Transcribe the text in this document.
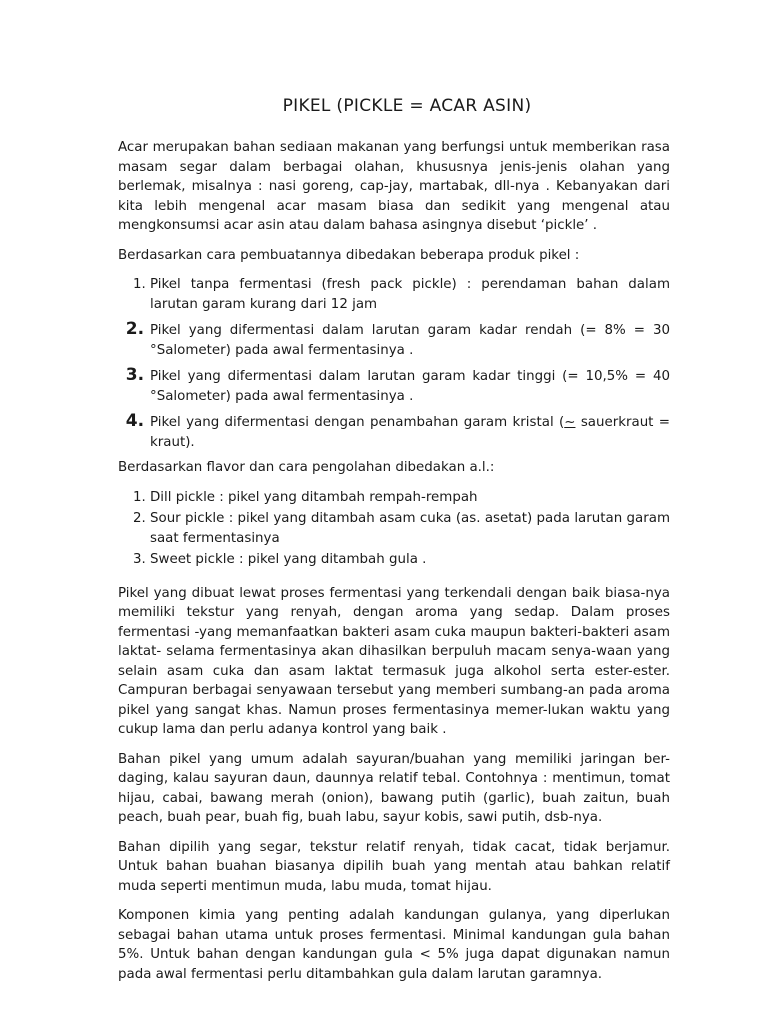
PIKEL (PICKLE = ACAR ASIN)

Acar merupakan bahan sediaan makanan yang berfungsi untuk memberikan rasa masam segar dalam berbagai olahan, khususnya jenis-jenis olahan yang berlemak, misalnya : nasi goreng, cap-jay, martabak, dll-nya . Kebanyakan dari kita lebih mengenal acar masam biasa dan sedikit yang mengenal atau mengkonsumsi acar asin atau dalam bahasa asingnya disebut ‘pickle’ .

Berdasarkan cara pembuatannya dibedakan beberapa produk pikel :

1. Pikel tanpa fermentasi (fresh pack pickle) : perendaman bahan dalam larutan garam kurang dari 12 jam
2. Pikel yang difermentasi dalam larutan garam kadar rendah (= 8% = 30 °Salometer) pada awal fermentasinya .
3. Pikel yang difermentasi dalam larutan garam kadar tinggi (= 10,5% = 40 °Salometer) pada awal fermentasinya .
4. Pikel yang difermentasi dengan penambahan garam kristal (~ sauerkraut = kraut).

Berdasarkan flavor dan cara pengolahan dibedakan a.l.:

1. Dill pickle : pikel yang ditambah rempah-rempah
2. Sour pickle : pikel yang ditambah asam cuka (as. asetat) pada larutan garam saat fermentasinya
3. Sweet pickle : pikel yang ditambah gula .

Pikel yang dibuat lewat proses fermentasi yang terkendali dengan baik biasa-nya memiliki tekstur yang renyah, dengan aroma yang sedap. Dalam proses fermentasi -yang memanfaatkan bakteri asam cuka maupun bakteri-bakteri asam laktat- selama fermentasinya akan dihasilkan berpuluh macam senya-waan yang selain asam cuka dan asam laktat termasuk juga alkohol serta ester-ester. Campuran berbagai senyawaan tersebut yang memberi sumbang-an pada aroma pikel yang sangat khas. Namun proses fermentasinya memer-lukan waktu yang cukup lama dan perlu adanya kontrol yang baik .

Bahan pikel yang umum adalah sayuran/buahan yang memiliki jaringan ber-daging, kalau sayuran daun, daunnya relatif tebal. Contohnya : mentimun, tomat hijau, cabai, bawang merah (onion), bawang putih (garlic), buah zaitun, buah peach, buah pear, buah fig, buah labu, sayur kobis, sawi putih, dsb-nya.

Bahan dipilih yang segar, tekstur relatif renyah, tidak cacat, tidak berjamur. Untuk bahan buahan biasanya dipilih buah yang mentah atau bahkan relatif muda seperti mentimun muda, labu muda, tomat hijau.

Komponen kimia yang penting adalah kandungan gulanya, yang diperlukan sebagai bahan utama untuk proses fermentasi. Minimal kandungan gula bahan 5%. Untuk bahan dengan kandungan gula < 5% juga dapat digunakan namun pada awal fermentasi perlu ditambahkan gula dalam larutan garamnya.
